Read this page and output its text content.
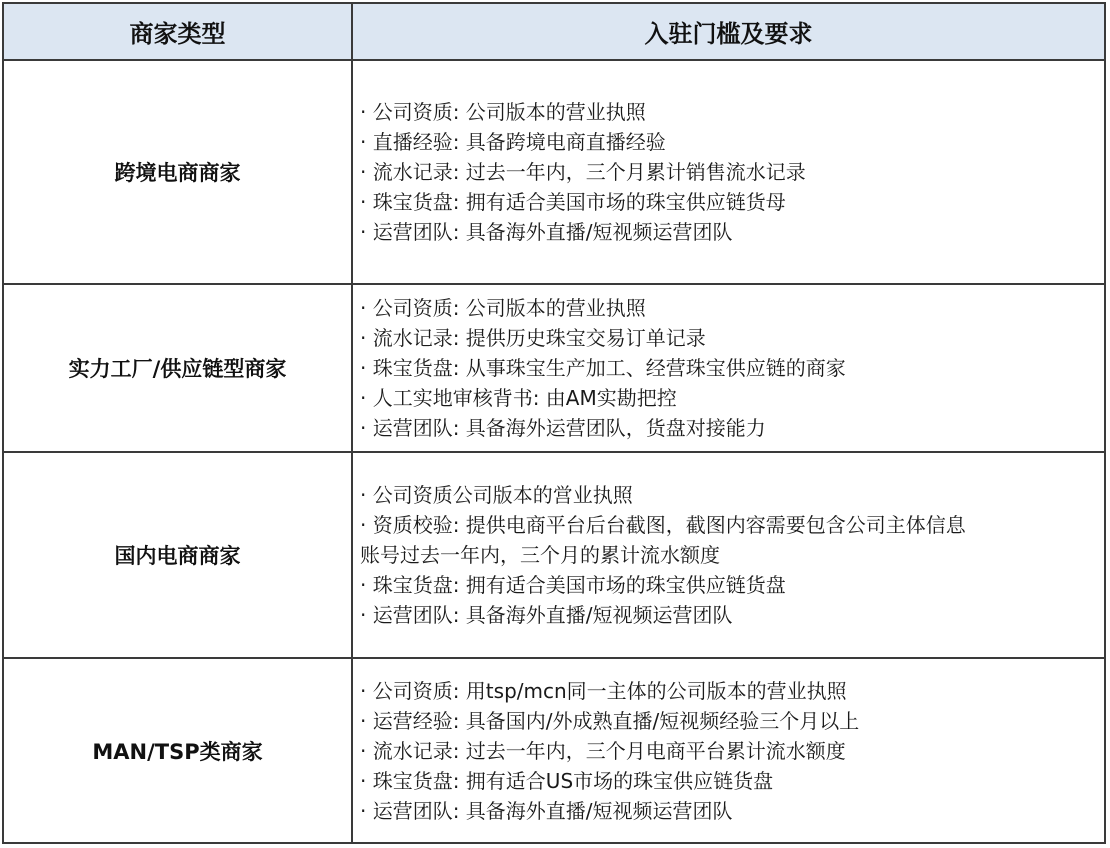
商家类型	入驻门槛及要求
跨境电商商家
· 公司资质: 公司版本的营业执照
· 直播经验: 具备跨境电商直播经验
· 流水记录: 过去一年内，三个月累计销售流水记录
· 珠宝货盘: 拥有适合美国市场的珠宝供应链货母
· 运营团队: 具备海外直播/短视频运营团队
实力工厂/供应链型商家
· 公司资质: 公司版本的营业执照
· 流水记录: 提供历史珠宝交易订单记录
· 珠宝货盘: 从事珠宝生产加工、经营珠宝供应链的商家
· 人工实地审核背书: 由AM实勘把控
· 运营团队: 具备海外运营团队，货盘对接能力
国内电商商家
· 公司资质公司版本的営业执照
· 资质校验: 提供电商平台后台截图，截图内容需要包含公司主体信息
账号过去一年内，三个月的累计流水额度
· 珠宝货盘: 拥有适合美国市场的珠宝供应链货盘
· 运营团队: 具备海外直播/短视频运营团队
MAN/TSP类商家
· 公司资质: 用tsp/mcn同一主体的公司版本的营业执照
· 运营经验: 具备国内/外成熟直播/短视频经验三个月以上
· 流水记录: 过去一年内，三个月电商平台累计流水额度
· 珠宝货盘: 拥有适合US市场的珠宝供应链货盘
· 运营团队: 具备海外直播/短视频运营团队
